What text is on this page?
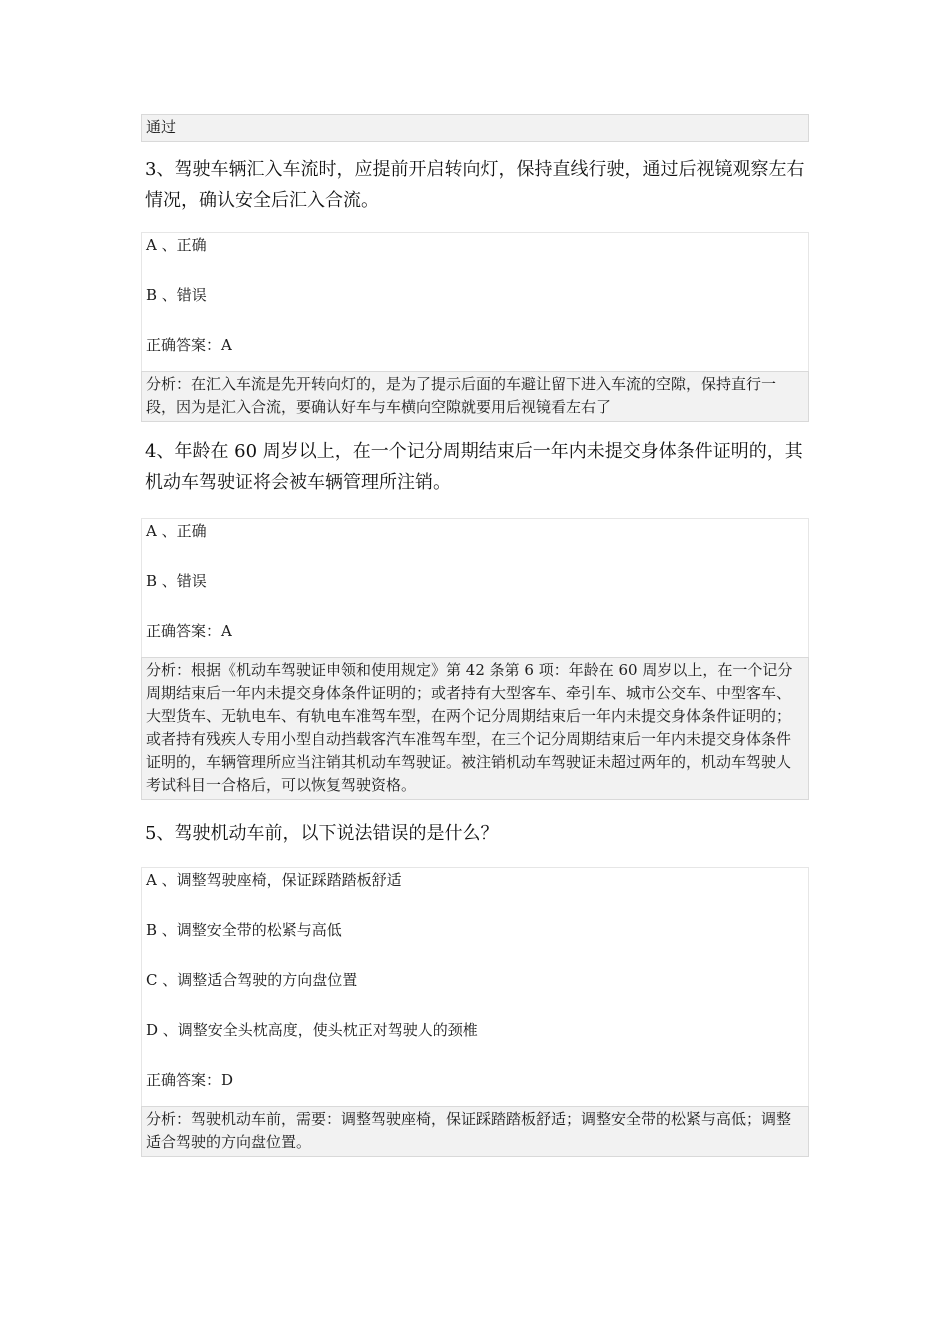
通过
3、驾驶车辆汇入车流时，应提前开启转向灯，保持直线行驶，通过后视镜观察左右情况，确认安全后汇入合流。
A 、正确
B 、错误
正确答案：A
分析：在汇入车流是先开转向灯的，是为了提示后面的车避让留下进入车流的空隙，保持直行一段，因为是汇入合流，要确认好车与车横向空隙就要用后视镜看左右了
4、年龄在 60 周岁以上，在一个记分周期结束后一年内未提交身体条件证明的，其机动车驾驶证将会被车辆管理所注销。
A 、正确
B 、错误
正确答案：A
分析：根据《机动车驾驶证申领和使用规定》第 42 条第 6 项：年龄在 60 周岁以上，在一个记分周期结束后一年内未提交身体条件证明的；或者持有大型客车、牵引车、城市公交车、中型客车、大型货车、无轨电车、有轨电车准驾车型，在两个记分周期结束后一年内未提交身体条件证明的；或者持有残疾人专用小型自动挡载客汽车准驾车型，在三个记分周期结束后一年内未提交身体条件证明的，车辆管理所应当注销其机动车驾驶证。被注销机动车驾驶证未超过两年的，机动车驾驶人考试科目一合格后，可以恢复驾驶资格。
5、驾驶机动车前，以下说法错误的是什么？
A 、调整驾驶座椅，保证踩踏踏板舒适
B 、调整安全带的松紧与高低
C 、调整适合驾驶的方向盘位置
D 、调整安全头枕高度，使头枕正对驾驶人的颈椎
正确答案：D
分析：驾驶机动车前，需要：调整驾驶座椅，保证踩踏踏板舒适；调整安全带的松紧与高低；调整适合驾驶的方向盘位置。
